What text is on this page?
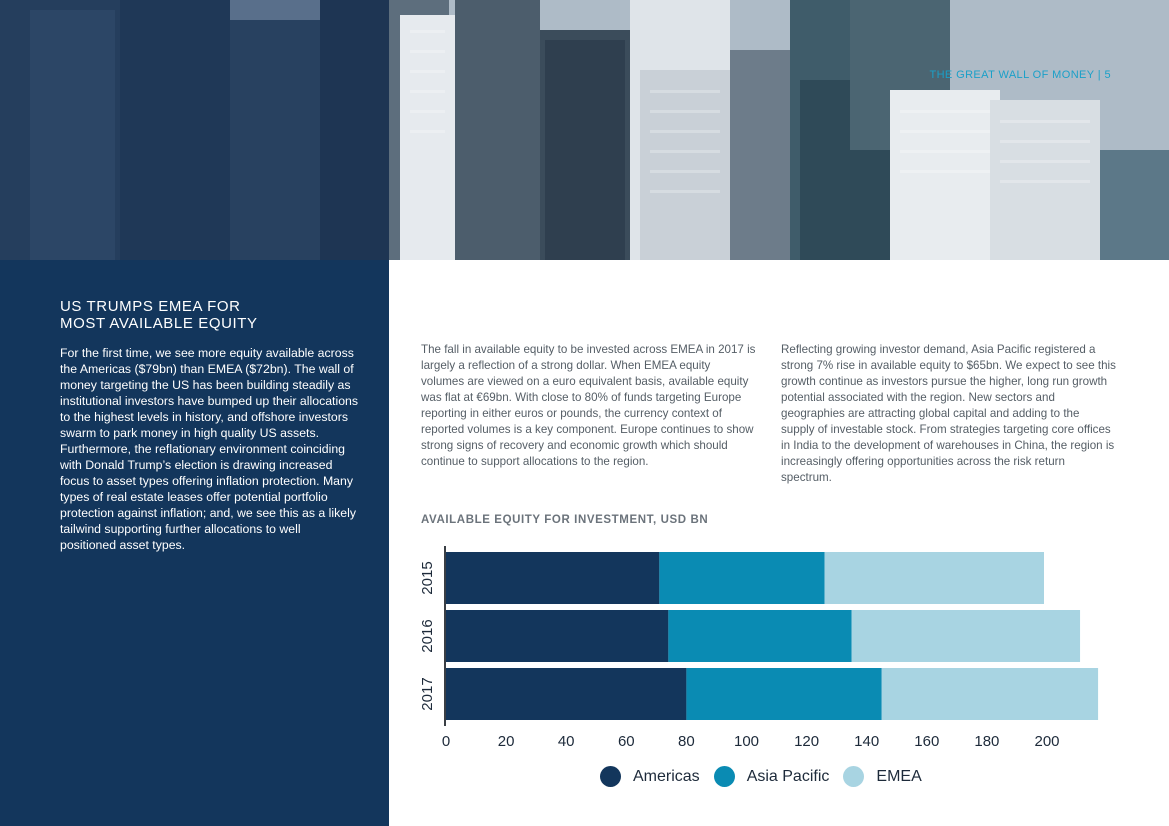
THE GREAT WALL OF MONEY | 5
US TRUMPS EMEA FOR
MOST AVAILABLE EQUITY
For the first time, we see more equity available across the Americas ($79bn) than EMEA ($72bn). The wall of money targeting the US has been building steadily as institutional investors have bumped up their allocations to the highest levels in history, and offshore investors swarm to park money in high quality US assets. Furthermore, the reflationary environment coinciding with Donald Trump’s election is drawing increased focus to asset types offering inflation protection. Many types of real estate leases offer potential portfolio protection against inflation; and, we see this as a likely tailwind supporting further allocations to well positioned asset types.
The fall in available equity to be invested across EMEA in 2017 is largely a reflection of a strong dollar. When EMEA equity volumes are viewed on a euro equivalent basis, available equity was flat at €69bn. With close to 80% of funds targeting Europe reporting in either euros or pounds, the currency context of reported volumes is a key component. Europe continues to show strong signs of recovery and economic growth which should continue to support allocations to the region.
Reflecting growing investor demand, Asia Pacific registered a strong 7% rise in available equity to $65bn. We expect to see this growth continue as investors pursue the higher, long run growth potential associated with the region. New sectors and geographies are attracting global capital and adding to the supply of investable stock. From strategies targeting core offices in India to the development of warehouses in China, the region is increasingly offering opportunities across the risk return spectrum.
AVAILABLE EQUITY FOR INVESTMENT, USD BN
2015
2016
2017
0	20	40	60	80	100 120 140 160 180 200
Americas	Asia Pacific	EMEA
